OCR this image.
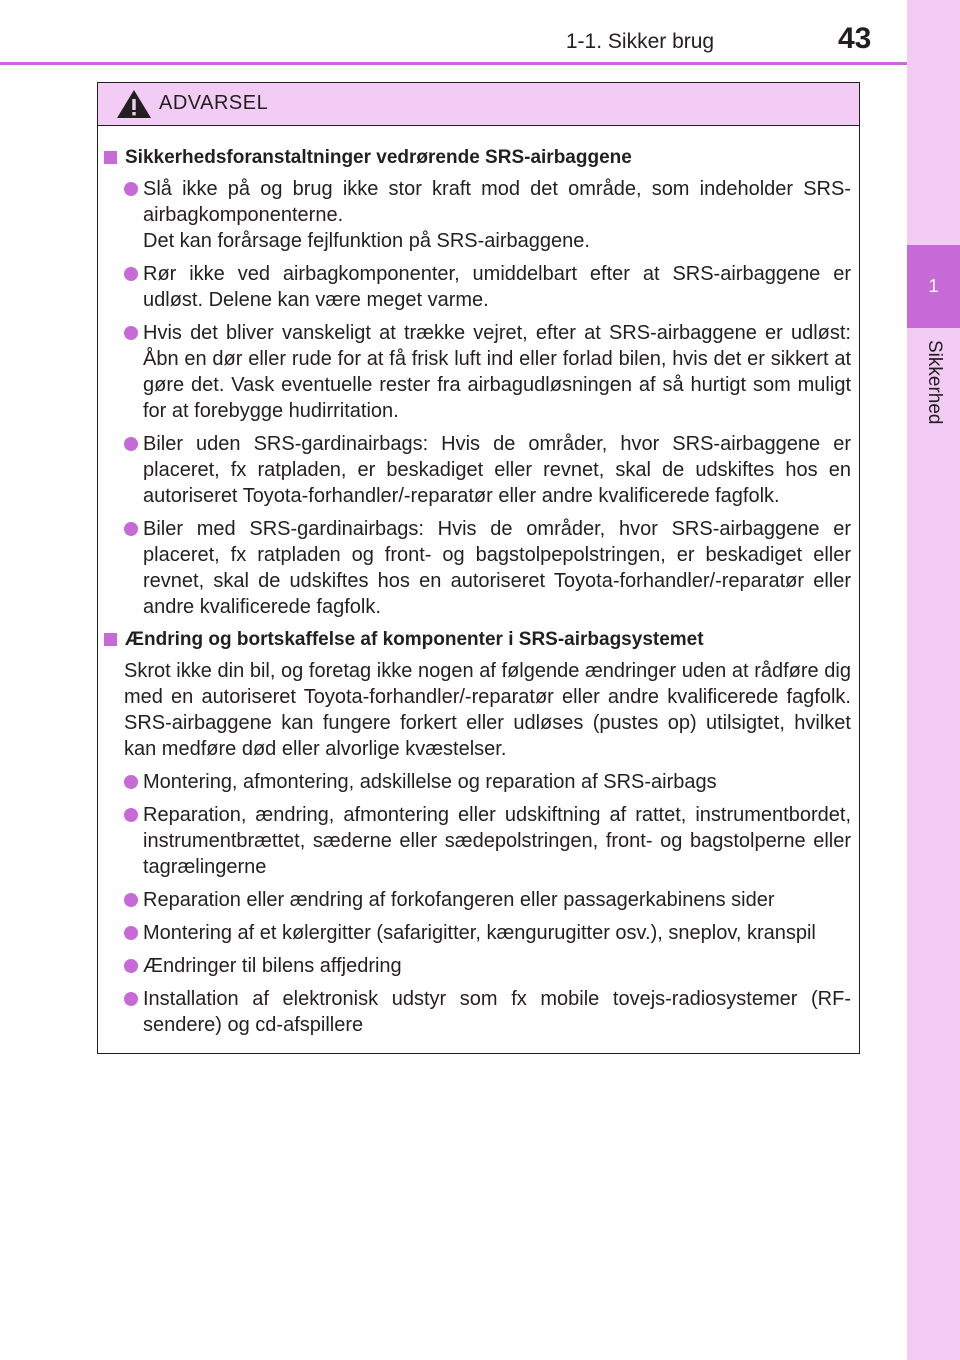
1-1. Sikker brug	43
1
Sikkerhed
ADVARSEL
Sikkerhedsforanstaltninger vedrørende SRS-airbaggene
Slå ikke på og brug ikke stor kraft mod det område, som indeholder SRS-airbagkomponenterne.
Det kan forårsage fejlfunktion på SRS-airbaggene.
Rør ikke ved airbagkomponenter, umiddelbart efter at SRS-airbaggene er udløst. Delene kan være meget varme.
Hvis det bliver vanskeligt at trække vejret, efter at SRS-airbaggene er udløst: Åbn en dør eller rude for at få frisk luft ind eller forlad bilen, hvis det er sikkert at gøre det. Vask eventuelle rester fra airbagudløsningen af så hurtigt som muligt for at forebygge hudirritation.
Biler uden SRS-gardinairbags: Hvis de områder, hvor SRS-airbaggene er placeret, fx ratpladen, er beskadiget eller revnet, skal de udskiftes hos en autoriseret Toyota-forhandler/-reparatør eller andre kvalificerede fagfolk.
Biler med SRS-gardinairbags: Hvis de områder, hvor SRS-airbaggene er placeret, fx ratpladen og front- og bagstolpepolstringen, er beskadiget eller revnet, skal de udskiftes hos en autoriseret Toyota-forhandler/-reparatør eller andre kvalificerede fagfolk.
Ændring og bortskaffelse af komponenter i SRS-airbagsystemet
Skrot ikke din bil, og foretag ikke nogen af følgende ændringer uden at rådføre dig med en autoriseret Toyota-forhandler/-reparatør eller andre kvalificerede fagfolk. SRS-airbaggene kan fungere forkert eller udløses (pustes op) utilsigtet, hvilket kan medføre død eller alvorlige kvæstelser.
Montering, afmontering, adskillelse og reparation af SRS-airbags
Reparation, ændring, afmontering eller udskiftning af rattet, instrumentbordet, instrumentbrættet, sæderne eller sædepolstringen, front- og bagstolperne eller tagrælingerne
Reparation eller ændring af forkofangeren eller passagerkabinens sider
Montering af et kølergitter (safarigitter, kængurugitter osv.), sneplov, kranspil
Ændringer til bilens affjedring
Installation af elektronisk udstyr som fx mobile tovejs-radiosystemer (RF-sendere) og cd-afspillere
